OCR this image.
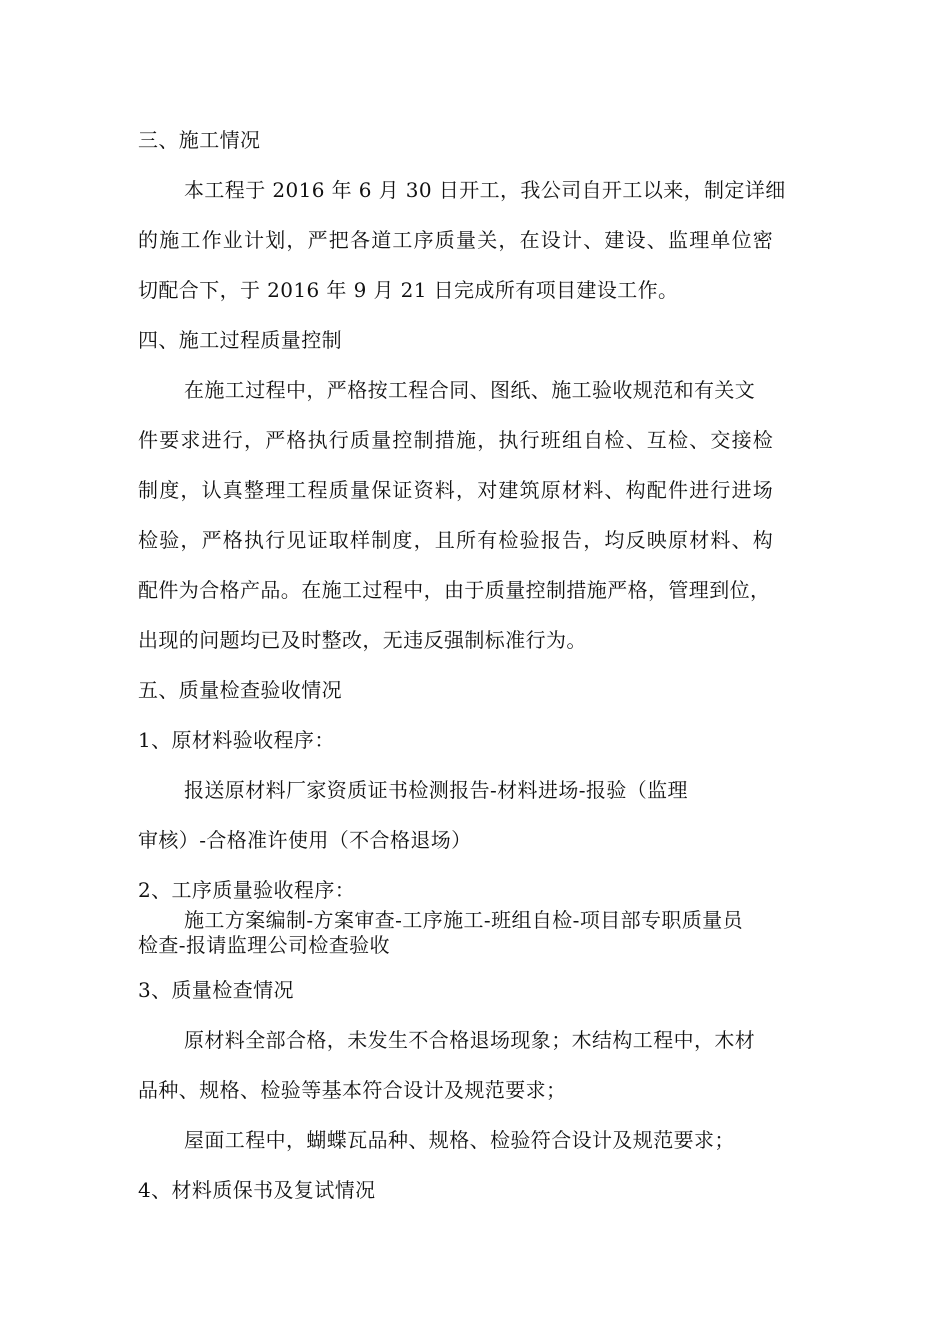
三、施工情况
本工程于 2016 年 6 月 30 日开工，我公司自开工以来，制定详细
的施工作业计划，严把各道工序质量关，在设计、建设、监理单位密
切配合下，于 2016 年 9 月 21 日完成所有项目建设工作。
四、施工过程质量控制
在施工过程中，严格按工程合同、图纸、施工验收规范和有关文
件要求进行，严格执行质量控制措施，执行班组自检、互检、交接检
制度，认真整理工程质量保证资料，对建筑原材料、构配件进行进场
检验，严格执行见证取样制度，且所有检验报告，均反映原材料、构
配件为合格产品。在施工过程中，由于质量控制措施严格，管理到位，
出现的问题均已及时整改，无违反强制标准行为。
五、质量检查验收情况
1、原材料验收程序：
报送原材料厂家资质证书检测报告-材料进场-报验（监理
审核）-合格准许使用（不合格退场）
2、工序质量验收程序：
施工方案编制-方案审查-工序施工-班组自检-项目部专职质量员
检查-报请监理公司检查验收
3、质量检查情况
原材料全部合格，未发生不合格退场现象；木结构工程中，木材
品种、规格、检验等基本符合设计及规范要求；
屋面工程中，蝴蝶瓦品种、规格、检验符合设计及规范要求；
4、材料质保书及复试情况
